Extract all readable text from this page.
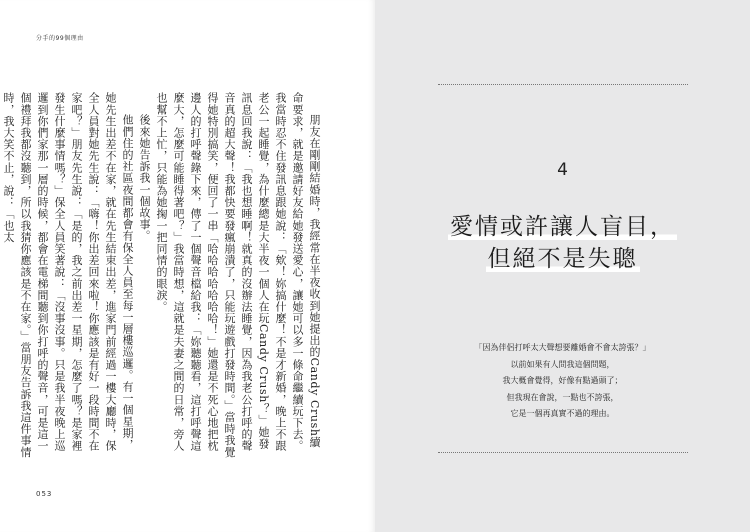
分手的99個理由

朋友在剛剛結婚時，我經常在半夜收到她提出的Candy Crush續命要求，就是邀請好友給她發送愛心，讓她可以多一條命繼續玩下去。我當時忍不住發訊息跟她說：「欸！妳搞什麼！不是才新婚，晚上不跟老公一起睡覺，為什麼總是大半夜一個人在玩Candy Crush？」她發訊息回我說：「我也想睡啊！就真的沒辦法睡覺，因為我老公打呼的聲音真的超大聲！我都快要發瘋崩潰了，只能玩遊戲打發時間。」當時我覺得她特別搞笑，便回了一串「哈哈哈哈哈哈哈！」她還是不死心地把枕邊人的打呼聲錄下來，傳了一個聲音檔給我：「妳聽聽看，這打呼聲這麼大，怎麼可能睡得著吧？」我當時想，這就是夫妻之間的日常，旁人也幫不上忙，只能為她掬一把同情的眼淚。

後來她告訴我一個故事。

他們住的社區夜間都會有保全人員至每一層樓巡邏。有一個星期，她先生出差不在家，就在先生結束出差，進家門前經過一樓大廳時，保全人員對她先生說：「嗨！你出差回來啦！你應該是有好一段時間不在家吧？」朋友先生說：「是的，我之前出差一星期，怎麼了嗎？是家裡發生什麼事情嗎？」保全人員笑著說：「沒事沒事。只是我半夜晚上巡邏到你們家那一層的時候，都會在電梯間聽到你打呼的聲音，可是這一個禮拜我都沒聽到，所以我猜你應該是不在家。」當朋友告訴我這件事情時，我大笑不止，說：「也太

053
4
愛情或許讓人盲目，
但絕不是失聰
「因為伴侶打呼太大聲想要離婚會不會太誇張？」
以前如果有人問我這個問題，
我大概會覺得，好像有點過頭了；
但我現在會說，一點也不誇張，
它是一個再真實不過的理由。
